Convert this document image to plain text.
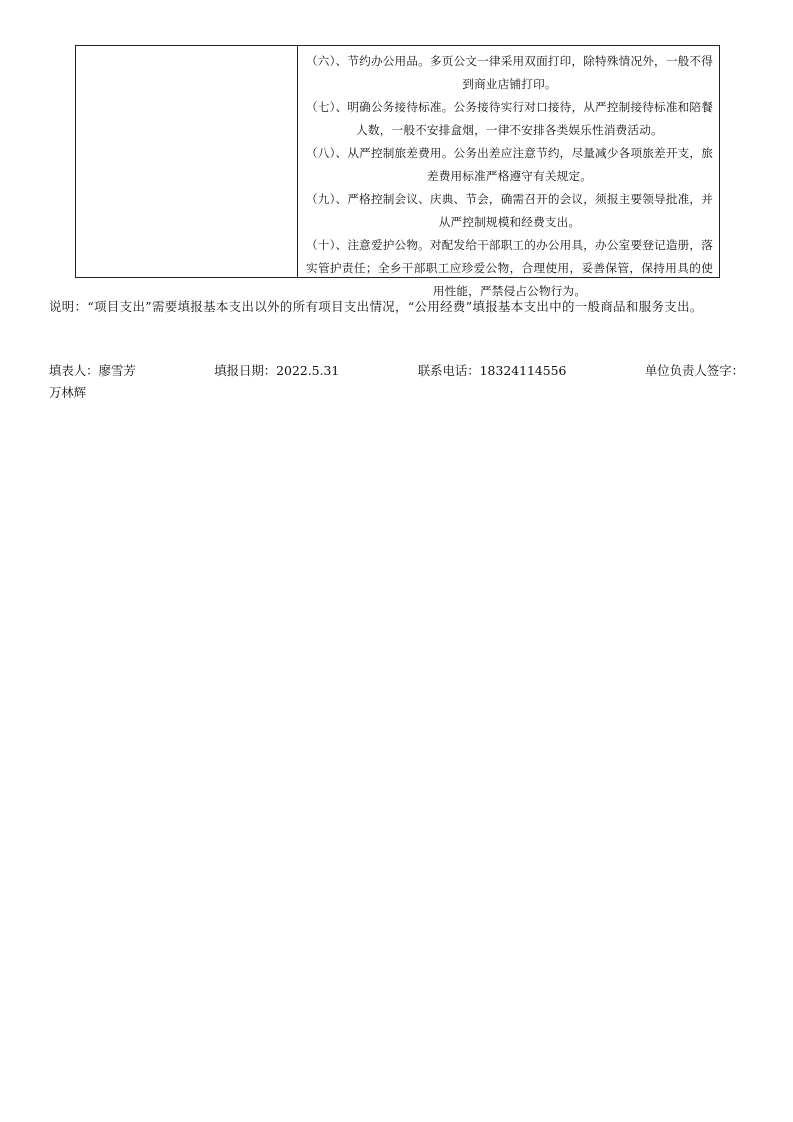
（六）、节约办公用品。多页公文一律采用双面打印，除特殊情况外，一般不得到商业店铺打印。

（七）、明确公务接待标准。公务接待实行对口接待，从严控制接待标准和陪餐人数，一般不安排盒烟，一律不安排各类娱乐性消费活动。

（八）、从严控制旅差费用。公务出差应注意节约，尽量减少各项旅差开支，旅差费用标准严格遵守有关规定。

（九）、严格控制会议、庆典、节会，确需召开的会议，须报主要领导批准，并从严控制规模和经费支出。

（十）、注意爱护公物。对配发给干部职工的办公用具，办公室要登记造册，落实管护责任；全乡干部职工应珍爱公物，合理使用，妥善保管，保持用具的使用性能，严禁侵占公物行为。

说明：“项目支出”需要填报基本支出以外的所有项目支出情况，“公用经费”填报基本支出中的一般商品和服务支出。

填表人：廖雪芳	填报日期：2022.5.31	联系电话：18324114556	单位负责人签字：
万林辉
